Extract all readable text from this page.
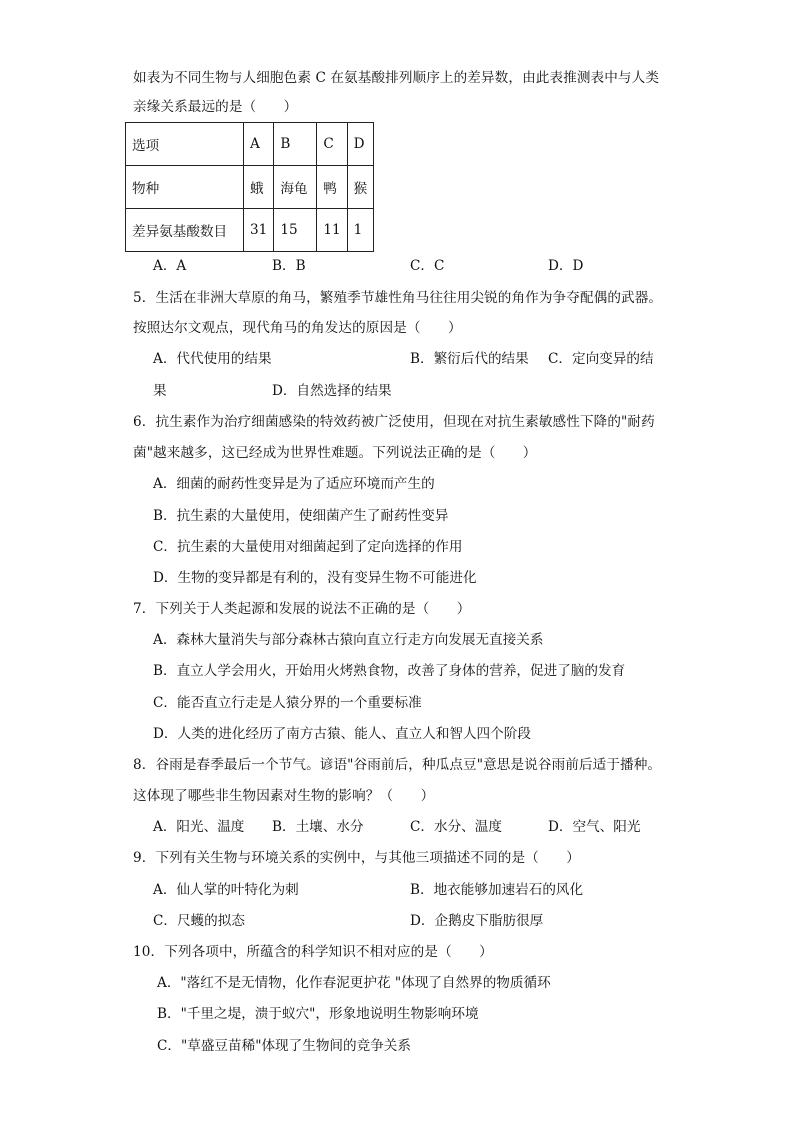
如表为不同生物与人细胞色素 C 在氨基酸排列顺序上的差异数，由此表推测表中与人类
亲缘关系最远的是（　　）
选项	A	B	C	D
物种	蛾	海龟	鸭	猴
差异氨基酸数目	31	15	11	1
A．A	B．B	C．C	D．D
5．生活在非洲大草原的角马，繁殖季节雄性角马往往用尖锐的角作为争夺配偶的武器。
按照达尔文观点，现代角马的角发达的原因是（　　）
A．代代使用的结果	B．繁衍后代的结果 C．定向变异的结
果	D．自然选择的结果
6．抗生素作为治疗细菌感染的特效药被广泛使用，但现在对抗生素敏感性下降的"耐药
菌"越来越多，这已经成为世界性难题。下列说法正确的是（　　）
A．细菌的耐药性变异是为了适应环境而产生的
B．抗生素的大量使用，使细菌产生了耐药性变异
C．抗生素的大量使用对细菌起到了定向选择的作用
D．生物的变异都是有利的，没有变异生物不可能进化
7．下列关于人类起源和发展的说法不正确的是（　　）
A．森林大量消失与部分森林古猿向直立行走方向发展无直接关系
B．直立人学会用火，开始用火烤熟食物，改善了身体的营养，促进了脑的发育
C．能否直立行走是人猿分界的一个重要标准
D．人类的进化经历了南方古猿、能人、直立人和智人四个阶段
8．谷雨是春季最后一个节气。谚语"谷雨前后，种瓜点豆"意思是说谷雨前后适于播种。
这体现了哪些非生物因素对生物的影响？（　　）
A．阳光、温度 B．土壤、水分	C．水分、温度	D．空气、阳光
9．下列有关生物与环境关系的实例中，与其他三项描述不同的是（　　）
A．仙人掌的叶特化为刺	B．地衣能够加速岩石的风化
C．尺蠖的拟态	D．企鹅皮下脂肪很厚
10．下列各项中，所蕴含的科学知识不相对应的是（　　）
A．"落红不是无情物，化作春泥更护花 "体现了自然界的物质循环
B．"千里之堤，溃于蚁穴"，形象地说明生物影响环境
C．"草盛豆苗稀"体现了生物间的竞争关系
